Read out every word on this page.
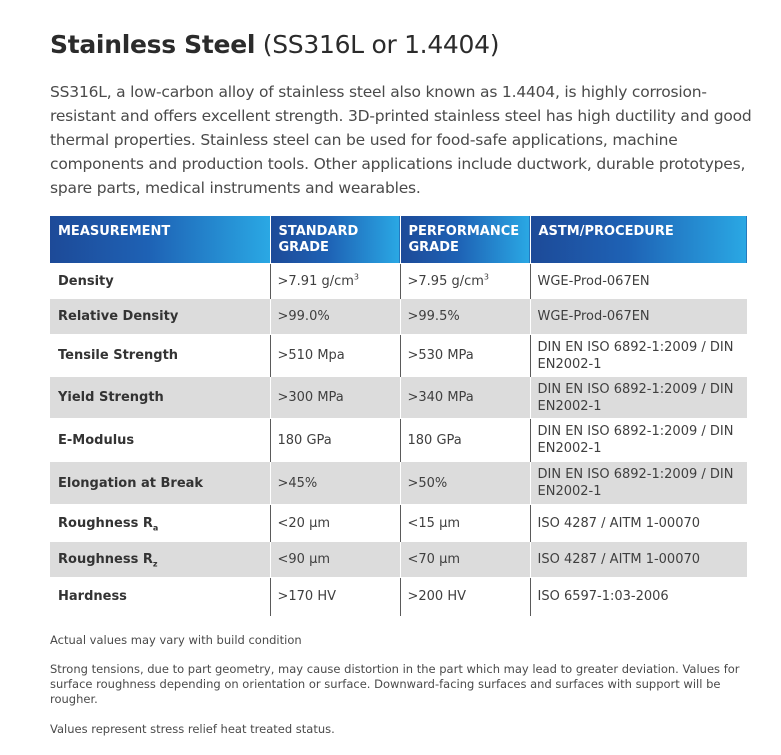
Stainless Steel (SS316L or 1.4404)

SS316L, a low-carbon alloy of stainless steel also known as 1.4404, is highly corrosion-resistant and offers excellent strength. 3D-printed stainless steel has high ductility and good thermal properties. Stainless steel can be used for food-safe applications, machine components and production tools. Other applications include ductwork, durable prototypes, spare parts, medical instruments and wearables.

MEASUREMENT	STANDARD GRADE	PERFORMANCE GRADE	ASTM/PROCEDURE
Density	>7.91 $g/cm^3$	>7.95 $g/cm^3$	WGE-Prod-067EN
Relative Density	>99.0%	>99.5%	WGE-Prod-067EN
Tensile Strength	>510 Mpa	>530 MPa	DIN EN ISO 6892-1:2009 / DIN EN2002-1
Yield Strength	>300 MPa	>340 MPa	DIN EN ISO 6892-1:2009 / DIN EN2002-1
E-Modulus	180 GPa	180 GPa	DIN EN ISO 6892-1:2009 / DIN EN2002-1
Elongation at Break	>45%	>50%	DIN EN ISO 6892-1:2009 / DIN EN2002-1
Roughness $R_a$	<20 µm	<15 µm	ISO 4287 / AITM 1-00070
Roughness $R_z$	<90 µm	<70 µm	ISO 4287 / AITM 1-00070
Hardness	>170 HV	>200 HV	ISO 6597-1:03-2006

Actual values may vary with build condition

Strong tensions, due to part geometry, may cause distortion in the part which may lead to greater deviation. Values for surface roughness depending on orientation or surface. Downward-facing surfaces and surfaces with support will be rougher.

Values represent stress relief heat treated status.
